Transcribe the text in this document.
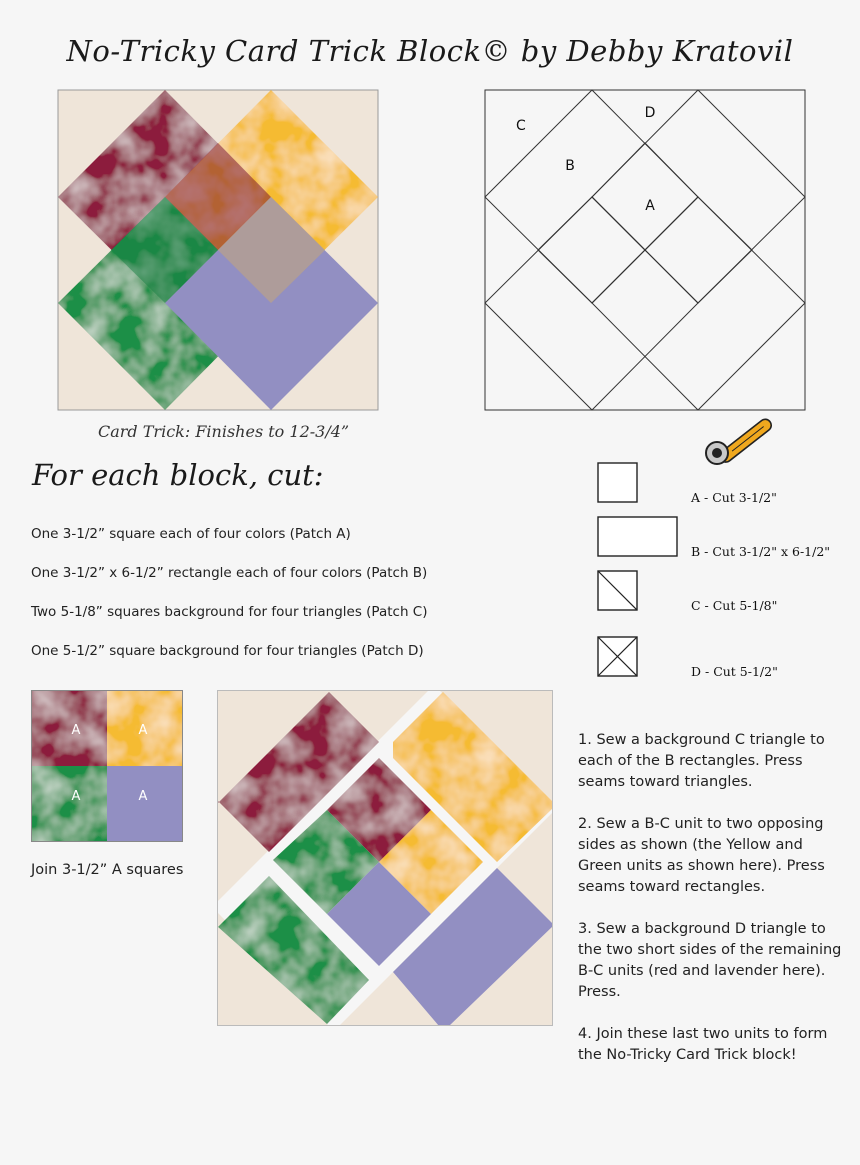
No-Tricky Card Trick Block© by Debby Kratovil
C
D
B
A
Card Trick: Finishes to 12-3/4”
For each block, cut:
One 3-1/2” square each of four colors (Patch A)
One 3-1/2” x 6-1/2” rectangle each of four colors (Patch B)
Two 5-1/8” squares background for four triangles (Patch C)
One 5-1/2” square background for four triangles (Patch D)
A - Cut 3-1/2"
B - Cut 3-1/2" x 6-1/2"
C - Cut 5-1/8"
D - Cut 5-1/2"
A	A
A	A
Join 3-1/2” A squares

1. Sew a background C triangle to each of the B rectangles. Press seams toward triangles.

2. Sew a B-C unit to two opposing sides as shown (the Yellow and Green units as shown here). Press seams toward rectangles.

3. Sew a background D triangle to the two short sides of the remaining B-C units (red and lavender here). Press.

4. Join these last two units to form the No-Tricky Card Trick block!
